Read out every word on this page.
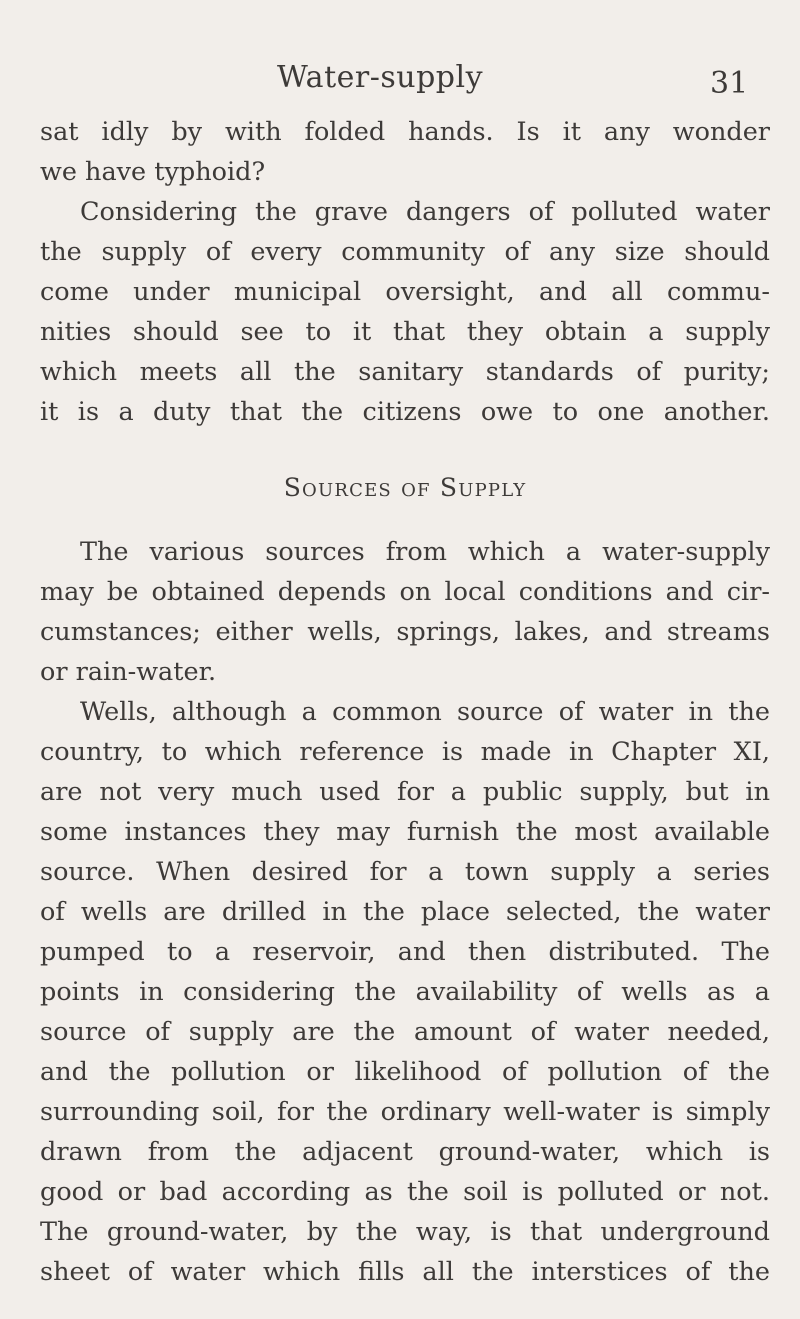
Water-supply	31
sat idly by with folded hands. Is it any wonder
we have typhoid?
Considering the grave dangers of polluted water
the supply of every community of any size should
come under municipal oversight, and all commu-
nities should see to it that they obtain a supply
which meets all the sanitary standards of purity;
it is a duty that the citizens owe to one another.
Sources of Supply
The various sources from which a water-supply
may be obtained depends on local conditions and cir-
cumstances; either wells, springs, lakes, and streams
or rain-water.
Wells, although a common source of water in the
country, to which reference is made in Chapter XI,
are not very much used for a public supply, but in
some instances they may furnish the most available
source. When desired for a town supply a series
of wells are drilled in the place selected, the water
pumped to a reservoir, and then distributed. The
points in considering the availability of wells as a
source of supply are the amount of water needed,
and the pollution or likelihood of pollution of the
surrounding soil, for the ordinary well-water is simply
drawn from the adjacent ground-water, which is
good or bad according as the soil is polluted or not.
The ground-water, by the way, is that underground
sheet of water which fills all the interstices of the
